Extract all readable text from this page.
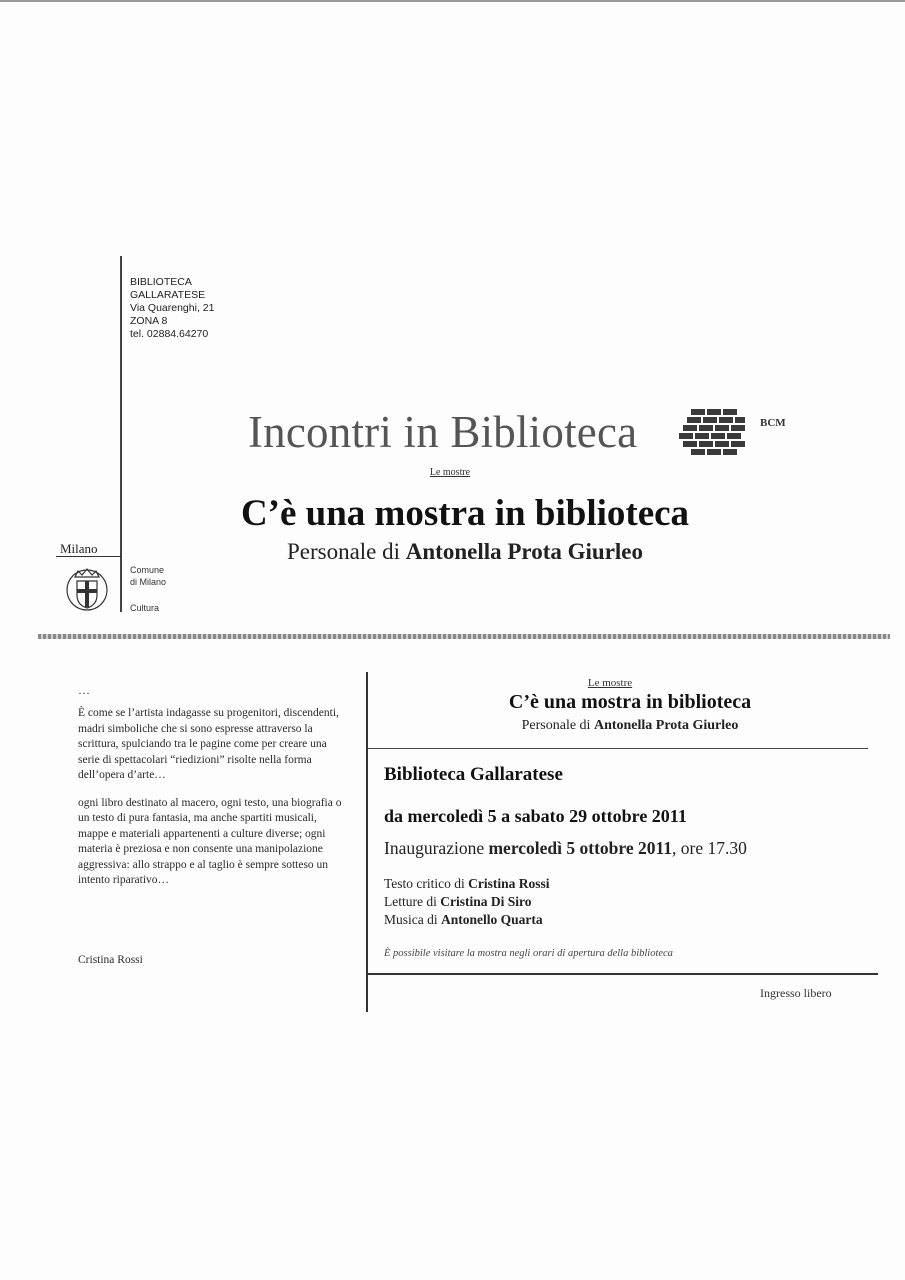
BIBLIOTECA
GALLARATESE
Via Quarenghi, 21
ZONA 8
tel. 02884.64270
Incontri in Biblioteca	BCM
Le mostre
C’è una mostra in biblioteca
Personale di Antonella Prota Giurleo
Milano
Comune
di Milano
Cultura
…

È come se l’artista indagasse su progenitori, discendenti, madri simboliche che si sono espresse attraverso la scrittura, spulciando tra le pagine come per creare una serie di spettacolari “riedizioni” risolte nella forma dell’opera d’arte…

ogni libro destinato al macero, ogni testo, una biografia o un testo di pura fantasia, ma anche spartiti musicali, mappe e materiali appartenenti a culture diverse; ogni materia è preziosa e non consente una manipolazione aggressiva: allo strappo e al taglio è sempre sotteso un intento riparativo…

Cristina Rossi
Le mostre
C’è una mostra in biblioteca
Personale di Antonella Prota Giurleo
Biblioteca Gallaratese
da mercoledì 5 a sabato 29 ottobre 2011
Inaugurazione mercoledì 5 ottobre 2011, ore 17.30
Testo critico di Cristina Rossi
Letture di Cristina Di Siro
Musica di Antonello Quarta
È possibile visitare la mostra negli orari di apertura della biblioteca
Ingresso libero
